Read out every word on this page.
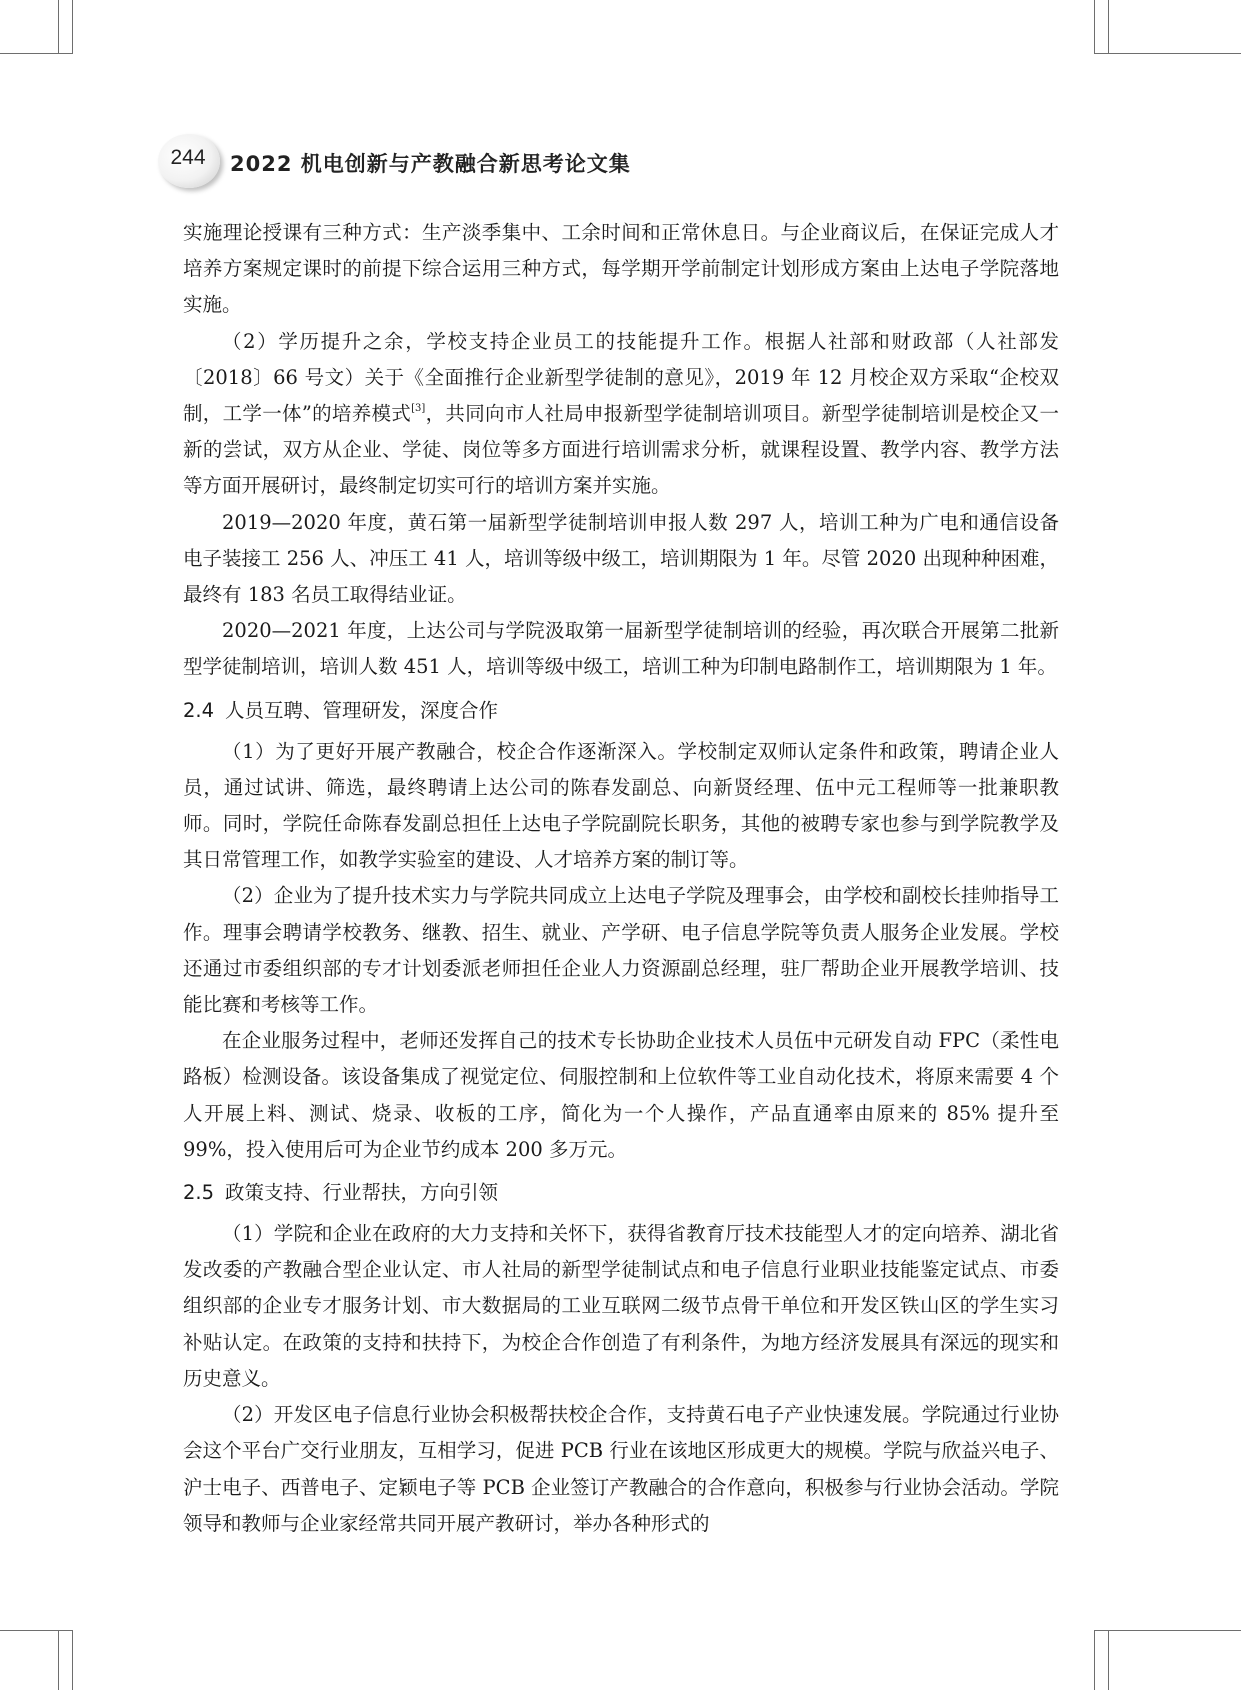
244	2022 机电创新与产教融合新思考论文集

实施理论授课有三种方式：生产淡季集中、工余时间和正常休息日。与企业商议后，在保证完成人才培养方案规定课时的前提下综合运用三种方式，每学期开学前制定计划形成方案由上达电子学院落地实施。

（2）学历提升之余，学校支持企业员工的技能提升工作。根据人社部和财政部（人社部发〔2018〕66 号文）关于《全面推行企业新型学徒制的意见》，2019 年 12 月校企双方采取“企校双制，工学一体”的培养模式[3]，共同向市人社局申报新型学徒制培训项目。新型学徒制培训是校企又一新的尝试，双方从企业、学徒、岗位等多方面进行培训需求分析，就课程设置、教学内容、教学方法等方面开展研讨，最终制定切实可行的培训方案并实施。

2019—2020 年度，黄石第一届新型学徒制培训申报人数 297 人，培训工种为广电和通信设备电子装接工 256 人、冲压工 41 人，培训等级中级工，培训期限为 1 年。尽管 2020 出现种种困难，最终有 183 名员工取得结业证。

2020—2021 年度，上达公司与学院汲取第一届新型学徒制培训的经验，再次联合开展第二批新型学徒制培训，培训人数 451 人，培训等级中级工，培训工种为印制电路制作工，培训期限为 1 年。

2.4 人员互聘、管理研发，深度合作

（1）为了更好开展产教融合，校企合作逐渐深入。学校制定双师认定条件和政策，聘请企业人员，通过试讲、筛选，最终聘请上达公司的陈春发副总、向新贤经理、伍中元工程师等一批兼职教师。同时，学院任命陈春发副总担任上达电子学院副院长职务，其他的被聘专家也参与到学院教学及其日常管理工作，如教学实验室的建设、人才培养方案的制订等。

（2）企业为了提升技术实力与学院共同成立上达电子学院及理事会，由学校和副校长挂帅指导工作。理事会聘请学校教务、继教、招生、就业、产学研、电子信息学院等负责人服务企业发展。学校还通过市委组织部的专才计划委派老师担任企业人力资源副总经理，驻厂帮助企业开展教学培训、技能比赛和考核等工作。

在企业服务过程中，老师还发挥自己的技术专长协助企业技术人员伍中元研发自动 FPC（柔性电路板）检测设备。该设备集成了视觉定位、伺服控制和上位软件等工业自动化技术，将原来需要 4 个人开展上料、测试、烧录、收板的工序，简化为一个人操作，产品直通率由原来的 85% 提升至 99%，投入使用后可为企业节约成本 200 多万元。

2.5 政策支持、行业帮扶，方向引领

（1）学院和企业在政府的大力支持和关怀下，获得省教育厅技术技能型人才的定向培养、湖北省发改委的产教融合型企业认定、市人社局的新型学徒制试点和电子信息行业职业技能鉴定试点、市委组织部的企业专才服务计划、市大数据局的工业互联网二级节点骨干单位和开发区铁山区的学生实习补贴认定。在政策的支持和扶持下，为校企合作创造了有利条件，为地方经济发展具有深远的现实和历史意义。

（2）开发区电子信息行业协会积极帮扶校企合作，支持黄石电子产业快速发展。学院通过行业协会这个平台广交行业朋友，互相学习，促进 PCB 行业在该地区形成更大的规模。学院与欣益兴电子、沪士电子、西普电子、定颖电子等 PCB 企业签订产教融合的合作意向，积极参与行业协会活动。学院领导和教师与企业家经常共同开展产教研讨，举办各种形式的
